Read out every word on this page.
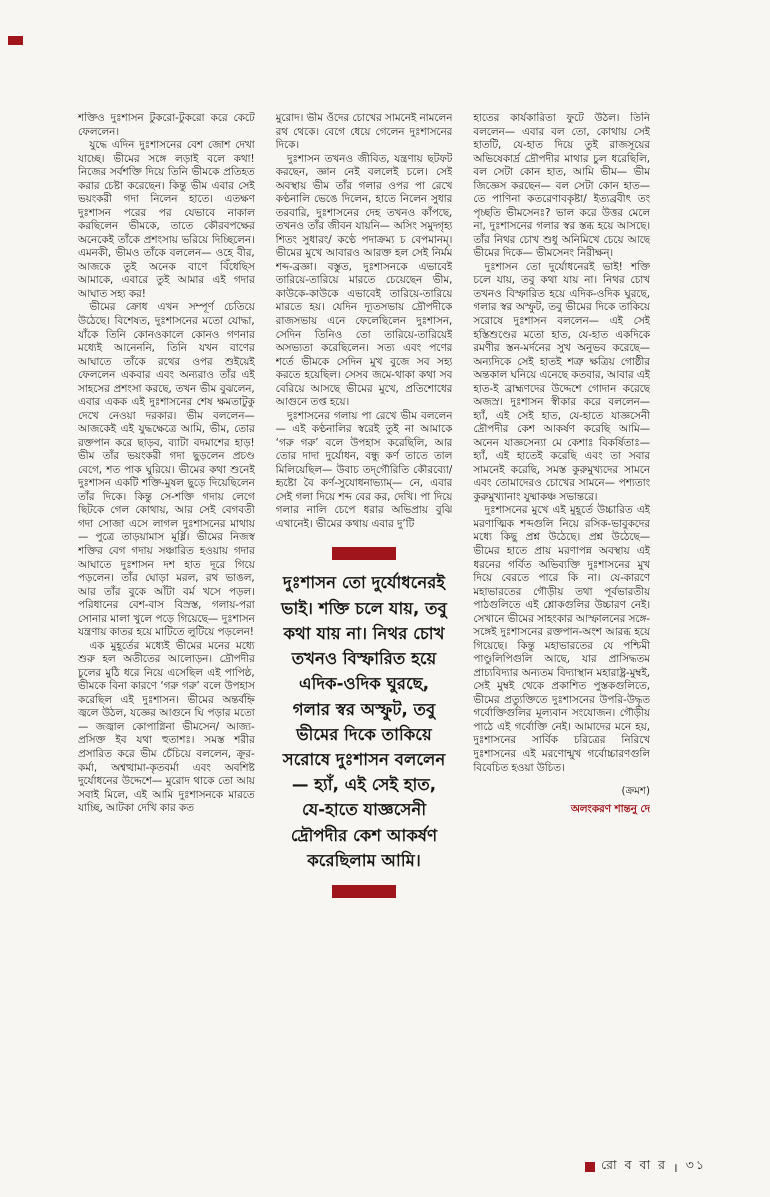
শক্তিও দুঃশাসন টুকরো-টুকরো করে কেটে ফেললেন।

যুদ্ধে এদিন দুঃশাসনের বেশ জোশ দেখা যাচ্ছে। ভীমের সঙ্গে লড়াই বলে কথা! নিজের সর্বশক্তি দিয়ে তিনি ভীমকে প্রতিহত করার চেষ্টা করেছেন। কিন্তু ভীম এবার সেই ভয়ংকরী গদা নিলেন হাতে। এতক্ষণ দুঃশাসন পরের পর যেভাবে নাকাল করছিলেন ভীমকে, তাতে কৌরবপক্ষের অনেকেই তাঁকে প্রশংসায় ভরিয়ে দিচ্ছিলেন। এমনকী, ভীমও তাঁকে বললেন— ওহে বীর, আজকে তুই অনেক বাণে বিঁধেছিস আমাকে, এবারে তুই আমার এই গদার আঘাত সহ্য কর!

ভীমের ক্রোধ এখন সম্পূর্ণ চেতিয়ে উঠেছে। বিশেষত, দুঃশাসনের মতো যোদ্ধা, যাঁকে তিনি কোনওকালে কোনও গণনার মধ্যেই আনেননি, তিনি যখন বাণের আঘাতে তাঁকে রথের ওপর শুইয়েই ফেললেন একবার এবং অন্যরাও তাঁর এই সাহসের প্রশংসা করছে, তখন ভীম বুঝলেন, এবার একক এই দুঃশাসনের শেষ ক্ষমতাটুকু দেখে নেওয়া দরকার। ভীম বললেন— আজকেই এই যুদ্ধক্ষেত্রে আমি, ভীম, তোর রক্তপান করে ছাড়ব, ব্যাটা বদমাশের হাড়! ভীম তাঁর ভয়ংকরী গদা ছুড়লেন প্রচণ্ড বেগে, শত পাক ঘুরিয়ে। ভীমের কথা শুনেই দুঃশাসন একটি শক্তি-মুষল ছুড়ে দিয়েছিলেন তাঁর দিকে। কিন্তু সে-শক্তি গদায় লেগে ছিটকে গেল কোথায়, আর সেই বেগবতী গদা সোজা এসে লাগল দুঃশাসনের মাথায়— পুত্রে তাড়য়ামাস মূর্ধ্নি। ভীমের নিজস্ব শক্তির বেগ গদায় সঞ্চারিত হওয়ায় গদার আঘাতে দুঃশাসন দশ হাত দূরে গিয়ে পড়লেন। তাঁর ঘোড়া মরল, রথ ভাঙল, আর তাঁর বুকে আঁটা বর্ম খসে পড়ল। পরিধানের বেশ-বাস বিস্রস্ত, গলায়-পরা সোনার মালা খুলে পড়ে গিয়েছে— দুঃশাসন যন্ত্রণায় কাতর হয়ে মাটিতে লুটিয়ে পড়লেন!

এক মুহূর্তের মধ্যেই ভীমের মনের মধ্যে শুরু হল অতীতের আলোড়ন। দ্রৌপদীর চুলের মুঠি ধরে নিয়ে এসেছিল এই পাপিষ্ঠ, ভীমকে বিনা কারণে ‘গরু গরু’ বলে উপহাস করেছিল এই দুঃশাসন। ভীমের অন্তর্বহ্নি জ্বলে উঠল, যজ্ঞের আগুনে ঘি পড়ার মতো— জজ্বাল কোপাগ্নিনা ভীমসেন/ আজ্য-প্রসিক্ত ইব যথা হুতাশঃ। সমস্ত শরীর প্রসারিত করে ভীম চেঁচিয়ে বললেন, ক্রূর-কর্মা, অশ্বত্থামা-কৃতবর্মা এবং অবশিষ্ট দুর্যোধনের উদ্দেশে— মুরোদ থাকে তো আয় সবাই মিলে, এই আমি দুঃশাসনকে মারতে যাচ্ছি, আটকা দেখি কার কত

মুরোদ। ভীম ওঁদের চোখের সামনেই নামলেন রথ থেকে। বেগে ধেয়ে গেলেন দুঃশাসনের দিকে।

দুঃশাসন তখনও জীবিত, যন্ত্রণায় ছটফট করছেন, জ্ঞান নেই বললেই চলে। সেই অবস্থায় ভীম তাঁর গলার ওপর পা রেখে কণ্ঠনালি ভেঙে দিলেন, হাতে নিলেন সুধার তরবারি, দুঃশাসনের দেহ তখনও কাঁপছে, তখনও তাঁর জীবন যায়নি— অসিং সমুদ্গৃহ্য শিতং সুধারং/ কণ্ঠে পদাক্রম্য চ বেপমানম্। ভীমের মুখে আবারও আরক্ত হল সেই নির্মম শব্দ-ব্রজ্ঞা। বস্তুত, দুঃশাসনকে এভাবেই তারিয়ে-তারিয়ে মারতে চেয়েছেন ভীম, কাউকে-কাউকে এভাবেই তারিয়ে-তারিয়ে মারতে হয়। যেদিন দ্যূতসভায় দ্রৌপদীকে রাজসভায় এনে ফেলেছিলেন দুঃশাসন, সেদিন তিনিও তো তারিয়ে-তারিয়েই অসভ্যতা করেছিলেন। সত্য এবং পণের শর্তে ভীমকে সেদিন মুখ বুজে সব সহ্য করতে হয়েছিল। সেসব জমে-থাকা কথা সব বেরিয়ে আসছে ভীমের মুখে, প্রতিশোধের আগুনে তপ্ত হয়ে।

দুঃশাসনের গলায় পা রেখে ভীম বললেন— এই কণ্ঠনালির স্বরেই তুই না আমাকে ‘গরু গরু’ বলে উপহাস করেছিলি, আর তোর দাদা দুর্যোধন, বন্ধু কর্ণ তাতে তাল মিলিয়েছিল— উবাচ তদ্‌গৌরিতি কৌরব্যো/ হৃষ্টো বৈ কর্ণ-সুযোধনাভ্যাম্— নে, এবার সেই গলা দিয়ে শব্দ বের কর, দেখি। পা দিয়ে গলার নালি চেপে ধরার অভিপ্রায় বুঝি এখানেই। ভীমের কথায় এবার দু’টি

দুঃশাসন তো দুর্যোধনেরই ভাই। শক্তি চলে যায়, তবু কথা যায় না। নিথর চোখ তখনও বিস্ফারিত হয়ে এদিক-ওদিক ঘুরছে, গলার স্বর অস্ফুট, তবু ভীমের দিকে তাকিয়ে সরোষে দুঃশাসন বললেন— হ্যাঁ, এই সেই হাত, যে-হাতে যাজ্ঞসেনী দ্রৌপদীর কেশ আকর্ষণ করেছিলাম আমি।

হাতের কার্যকারিতা ফুটে উঠল। তিনি বললেন— এবার বল তো, কোথায় সেই হাতটি, যে-হাত দিয়ে তুই রাজসূয়ের অভিষেকার্দ্র দ্রৌপদীর মাথার চুল ধরেছিলি, বল সেটা কোন হাত, আমি ভীম— ভীম জিজ্ঞেস করছেন— বল সেটা কোন হাত— তে পাণিনা কতরেণাবকৃষ্টা/ ইত্যব্রবীৎ তং পৃচ্ছতি ভীমসেনঃ? ভাল করে উত্তর মেলে না, দুঃশাসনের গলার স্বর স্তব্ধ হয়ে আসছে। তাঁর নিথর চোখ শুধু অনিমিখে চেয়ে আছে ভীমের দিকে— ভীমসেনং নিরীক্ষন্।

দুঃশাসন তো দুর্যোধনেরই ভাই! শক্তি চলে যায়, তবু কথা যায় না। নিথর চোখ তখনও বিস্ফারিত হয়ে এদিক-ওদিক ঘুরছে, গলার স্বর অস্ফুট, তবু ভীমের দিকে তাকিয়ে সরোষে দুঃশাসন বললেন— এই সেই হস্তিশুণ্ডের মতো হাত, যে-হাত একদিকে রমণীর স্তন-মর্দনের সুখ অনুভব করেছে— অন্যদিকে সেই হাতই শত্রু ক্ষত্রিয় গোষ্ঠীর অন্তকাল ঘনিয়ে এনেছে কতবার, আবার এই হাত-ই ব্রাহ্মণদের উদ্দেশে গোদান করেছে অজস্র। দুঃশাসন স্বীকার করে বললেন— হ্যাঁ, এই সেই হাত, যে-হাতে যাজ্ঞসেনী দ্রৌপদীর কেশ আকর্ষণ করেছি আমি— অনেন যাজ্ঞসেন্যা মে কেশাঃ বিকর্ষিতাঃ— হ্যাঁ, এই হাতেই করেছি এবং তা সবার সামনেই করেছি, সমস্ত কুরুমুখ্যদের সামনে এবং তোমাদেরও চোখের সামনে— পশ্যতাং কুরুমুখ্যানাং যুষ্মাকঞ্চ সভান্তরে।

দুঃশাসনের মুখে এই মুহূর্তে উচ্চারিত এই মরণাত্মিক শব্দগুলি নিয়ে রসিক-ভাবুকদের মধ্যে কিছু প্রশ্ন উঠেছে। প্রশ্ন উঠেছে— ভীমের হাতে প্রায় মরণাপন্ন অবস্থায় এই ধরনের গর্বিত অভিব্যক্তি দুঃশাসনের মুখ দিয়ে বেরতে পারে কি না। যে-কারণে মহাভারতের গৌড়ীয় তথা পূর্বভারতীয় পাঠগুলিতে এই শ্লোকগুলির উচ্চারণ নেই। সেখানে ভীমের সাহংকার আস্ফালনের সঙ্গে-সঙ্গেই দুঃশাসনের রক্তপান-অংশ আরব্ধ হয়ে গিয়েছে। কিন্তু মহাভারতের যে পশ্চিমী পাণ্ডুলিপিগুলি আছে, যার প্রাসিদ্ধতম প্রাচ্যবিদ্যার অন্যতম বিদ্যাস্থান মহারাষ্ট্র-মুম্বই, সেই মুম্বই থেকে প্রকাশিত পুস্তকগুলিতে, ভীমের প্রত্যুক্তিতে দুঃশাসনের উপরি-উদ্ধৃত গর্বোক্তিগুলির মূল্যবান সংযোজন। গৌড়ীয় পাঠে এই গর্বোক্তি নেই। আমাদের মনে হয়, দুঃশাসনের সার্বিক চরিত্রের নিরিখে দুঃশাসনের এই মরণোন্মুখ গর্বোচ্চারণগুলি বিবেচিত হওয়া উচিত।

(ক্রমশ)
অলংকরণ শান্তনু দে
রো ব বা র । ৩১
